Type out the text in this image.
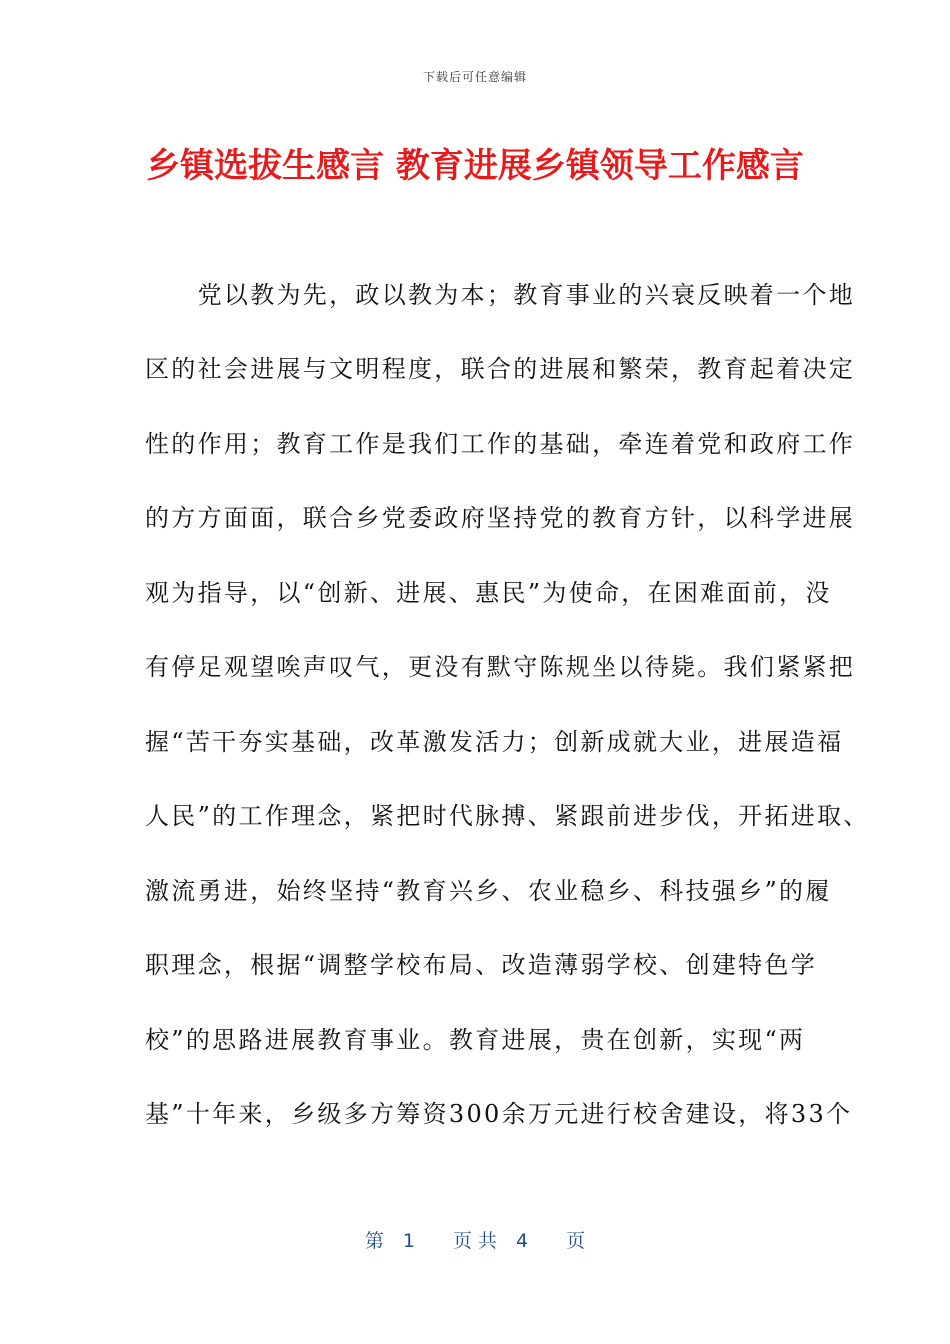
下载后可任意编辑
乡镇选拔生感言 教育进展乡镇领导工作感言
　　党以教为先，政以教为本；教育事业的兴衰反映着一个地
区的社会进展与文明程度，联合的进展和繁荣，教育起着决定
性的作用；教育工作是我们工作的基础，牵连着党和政府工作
的方方面面，联合乡党委政府坚持党的教育方针，以科学进展
观为指导，以“创新、进展、惠民”为使命，在困难面前，没
有停足观望唉声叹气，更没有默守陈规坐以待毙。我们紧紧把
握“苦干夯实基础，改革激发活力；创新成就大业，进展造福
人民”的工作理念，紧把时代脉搏、紧跟前进步伐，开拓进取、
激流勇进，始终坚持“教育兴乡、农业稳乡、科技强乡”的履
职理念，根据“调整学校布局、改造薄弱学校、创建特色学
校”的思路进展教育事业。教育进展，贵在创新，实现“两
基”十年来，乡级多方筹资300余万元进行校舍建设，将33个
第　1　　页 共　4　　页
